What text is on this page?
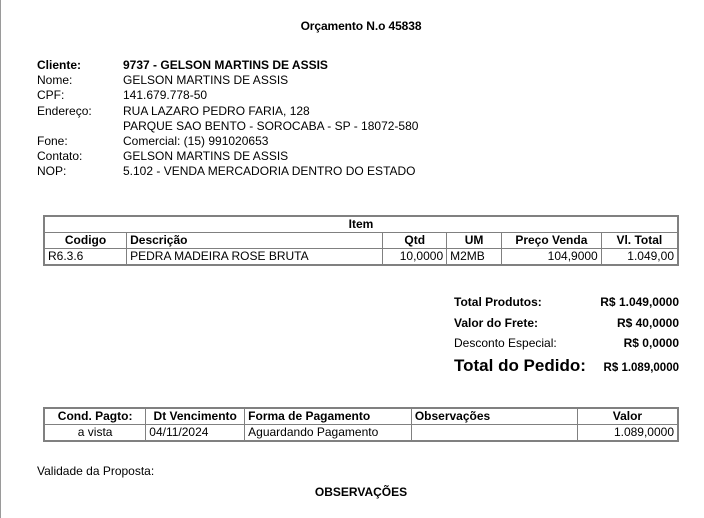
Orçamento N.o 45838
Cliente:	9737 - GELSON MARTINS DE ASSIS
Nome:	GELSON MARTINS DE ASSIS
CPF:	141.679.778-50
Endereço:	RUA LAZARO PEDRO FARIA, 128
PARQUE SAO BENTO - SOROCABA - SP - 18072-580
Fone:	Comercial: (15) 991020653
Contato:	GELSON MARTINS DE ASSIS
NOP:	5.102 - VENDA MERCADORIA DENTRO DO ESTADO
Item					
Codigo	Descrição	Qtd	UM	Preço Venda	Vl. Total
R6.3.6	PEDRA MADEIRA ROSE BRUTA	10,0000	M2MB	104,9000	1.049,00
Total Produtos:	R$ 1.049,0000
Valor do Frete:	R$ 40,0000
Desconto Especial:	R$ 0,0000
Total do Pedido: R$ 1.089,0000
Cond. Pagto:	Dt Vencimento	Forma de Pagamento	Observações	Valor
a vista	04/11/2024	Aguardando Pagamento		1.089,0000
Validade da Proposta:
OBSERVAÇÕES
